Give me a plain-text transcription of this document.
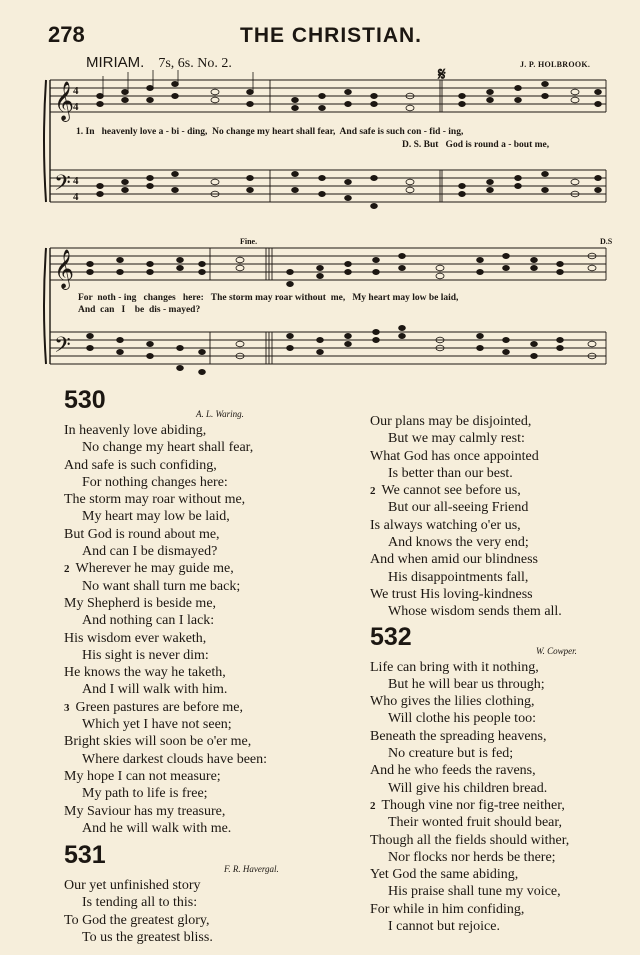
278	THE CHRISTIAN.
MIRIAM. 7s, 6s. No. 2.	J. P. HOLBROOK.
𝄞
𝄢
4
4
4
4
𝄋
1. In   heavenly love a - bi - ding,  No change my heart shall fear,  And safe is such con - fid - ing,
D. S. But   God is round a - bout me,
𝄞
𝄢
Fine.	D.S
For  noth - ing   changes   here:   The storm may roar without  me,   My heart may low be laid,
And  can   I    be  dis - mayed?
530	A. L. Waring.
In heavenly love abiding,
No change my heart shall fear,
And safe is such confiding,
For nothing changes here:
The storm may roar without me,
My heart may low be laid,
But God is round about me,
And can I be dismayed?
2 Wherever he may guide me,
No want shall turn me back;
My Shepherd is beside me,
And nothing can I lack:
His wisdom ever waketh,
His sight is never dim:
He knows the way he taketh,
And I will walk with him.
3 Green pastures are before me,
Which yet I have not seen;
Bright skies will soon be o'er me,
Where darkest clouds have been:
My hope I can not measure;
My path to life is free;
My Saviour has my treasure,
And he will walk with me.
531	F. R. Havergal.
Our yet unfinished story
Is tending all to this:
To God the greatest glory,
To us the greatest bliss.
Our plans may be disjointed,
But we may calmly rest:
What God has once appointed
Is better than our best.
2 We cannot see before us,
But our all-seeing Friend
Is always watching o'er us,
And knows the very end;
And when amid our blindness
His disappointments fall,
We trust His loving-kindness
Whose wisdom sends them all.
532	W. Cowper.
Life can bring with it nothing,
But he will bear us through;
Who gives the lilies clothing,
Will clothe his people too:
Beneath the spreading heavens,
No creature but is fed;
And he who feeds the ravens,
Will give his children bread.
2 Though vine nor fig-tree neither,
Their wonted fruit should bear,
Though all the fields should wither,
Nor flocks nor herds be there;
Yet God the same abiding,
His praise shall tune my voice,
For while in him confiding,
I cannot but rejoice.
